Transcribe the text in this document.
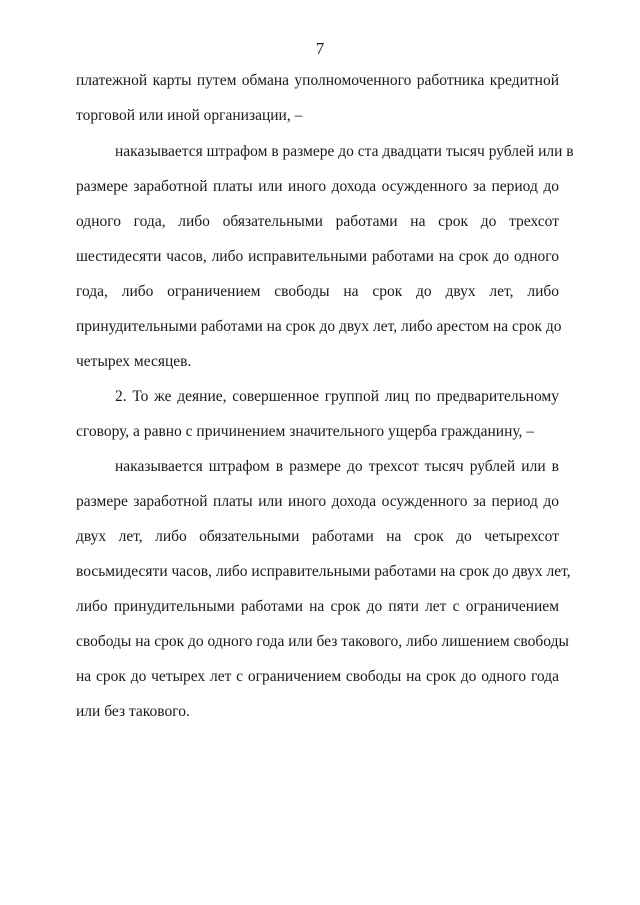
7
платежной карты путем обмана уполномоченного работника кредитной
торговой или иной организации, –
наказывается штрафом в размере до ста двадцати тысяч рублей или в
размере заработной платы или иного дохода осужденного за период до
одного года, либо обязательными работами на срок до трехсот
шестидесяти часов, либо исправительными работами на срок до одного
года, либо ограничением свободы на срок до двух лет, либо
принудительными работами на срок до двух лет, либо арестом на срок до
четырех месяцев.
2. То же деяние, совершенное группой лиц по предварительному
сговору, а равно с причинением значительного ущерба гражданину, –
наказывается штрафом в размере до трехсот тысяч рублей или в
размере заработной платы или иного дохода осужденного за период до
двух лет, либо обязательными работами на срок до четырехсот
восьмидесяти часов, либо исправительными работами на срок до двух лет,
либо принудительными работами на срок до пяти лет с ограничением
свободы на срок до одного года или без такового, либо лишением свободы
на срок до четырех лет с ограничением свободы на срок до одного года
или без такового.
